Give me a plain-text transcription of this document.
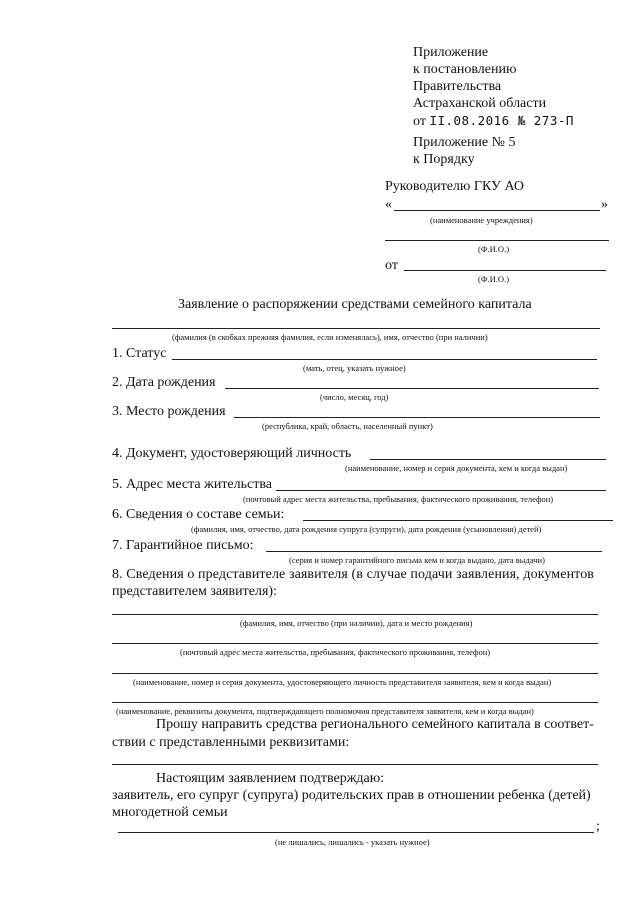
Приложение
к постановлению
Правительства
Астраханской области
от II.08.2016 № 273-П
Приложение № 5
к Порядку
Руководителю ГКУ АО
«	»
(наименование учреждения)
(Ф.И.О.)
от
(Ф.И.О.)
Заявление о распоряжении средствами семейного капитала
(фамилия (в скобках прежняя фамилия, если изменялась), имя, отчество (при наличии)
1. Статус
(мать, отец, указать нужное)
2. Дата рождения
(число, месяц, год)
3. Место рождения
(республика, край, область, населенный пункт)
4. Документ, удостоверяющий личность
(наименование, номер и серия документа, кем и когда выдан)
5. Адрес места жительства
(почтовый адрес места жительства, пребывания, фактического проживания, телефон)
6. Сведения о составе семьи:
(фамилия, имя, отчество, дата рождения супруга (супруги), дата рождения (усыновления) детей)
7. Гарантийное письмо:
(серия и номер гарантийного письма кем и когда выдано, дата выдачи)
8. Сведения о представителе заявителя (в случае подачи заявления, документов
представителем заявителя):
(фамилия, имя, отчество (при наличии), дата и место рождения)
(почтовый адрес места жительства, пребывания, фактического проживания, телефон)
(наименование, номер и серия документа, удостоверяющего личность представителя заявителя, кем и когда выдан)
(наименование, реквизиты документа, подтверждающего полномочия представителя заявителя, кем и когда выдан)
Прошу направить средства регионального семейного капитала в соответ-
ствии с представленными реквизитами:
Настоящим заявлением подтверждаю:
заявитель, его супруг (супруга) родительских прав в отношении ребенка (детей)
многодетной семьи
;
(не лишались, лишались - указать нужное)
